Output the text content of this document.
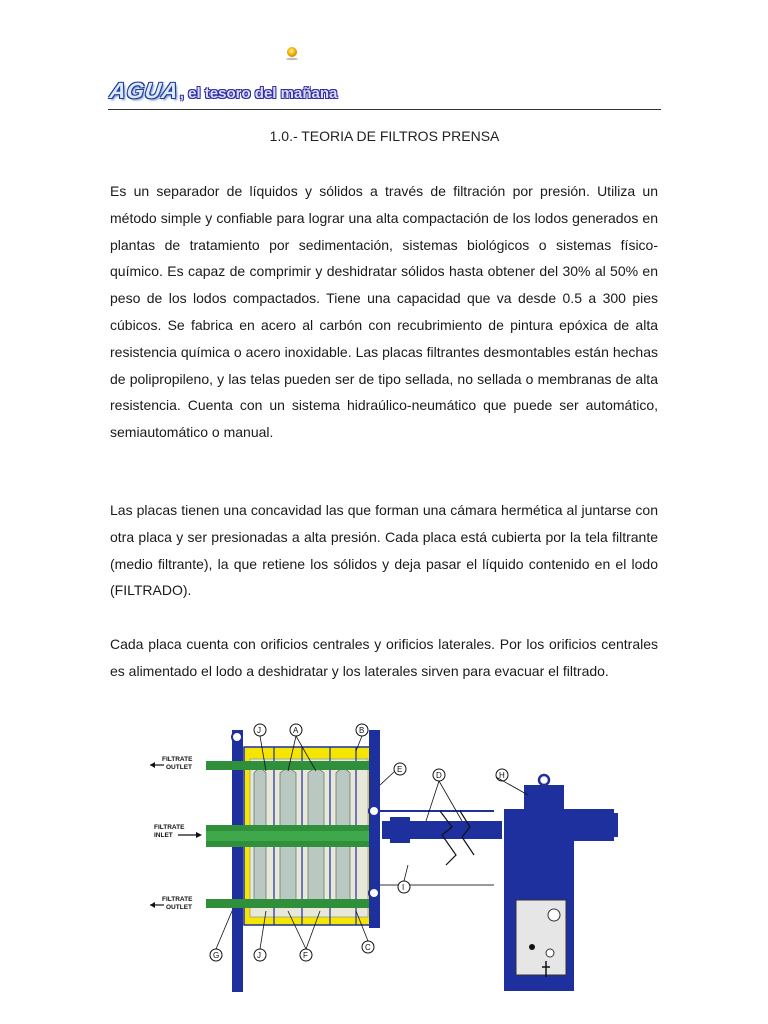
AGUA, el tesoro del mañana
1.0.- TEORIA DE FILTROS PRENSA

Es un separador de líquidos y sólidos a través de filtración por presión. Utiliza un método simple y confiable para lograr una alta compactación de los lodos generados en plantas de tratamiento por sedimentación, sistemas biológicos o sistemas físico-químico. Es capaz de comprimir y deshidratar sólidos hasta obtener del 30% al 50% en peso de los lodos compactados. Tiene una capacidad que va desde 0.5 a 300 pies cúbicos. Se fabrica en acero al carbón con recubrimiento de pintura epóxica de alta resistencia química o acero inoxidable. Las placas filtrantes desmontables están hechas de polipropileno, y las telas pueden ser de tipo sellada, no sellada o membranas de alta resistencia. Cuenta con un sistema hidraúlico-neumático que puede ser automático, semiautomático o manual.

Las placas tienen una concavidad las que forman una cámara hermética al juntarse con otra placa y ser presionadas a alta presión. Cada placa está cubierta por la tela filtrante (medio filtrante), la que retiene los sólidos y deja pasar el líquido contenido en el lodo (FILTRADO).

Cada placa cuenta con orificios centrales y orificios laterales. Por los orificios centrales es alimentado el lodo a deshidratar y los laterales sirven para evacuar el filtrado.

FILTRATE
OUTLET
FILTRATE
INLET
FILTRATE
OUTLET
J	A	B
E
D	H
I
C
F
J
G
